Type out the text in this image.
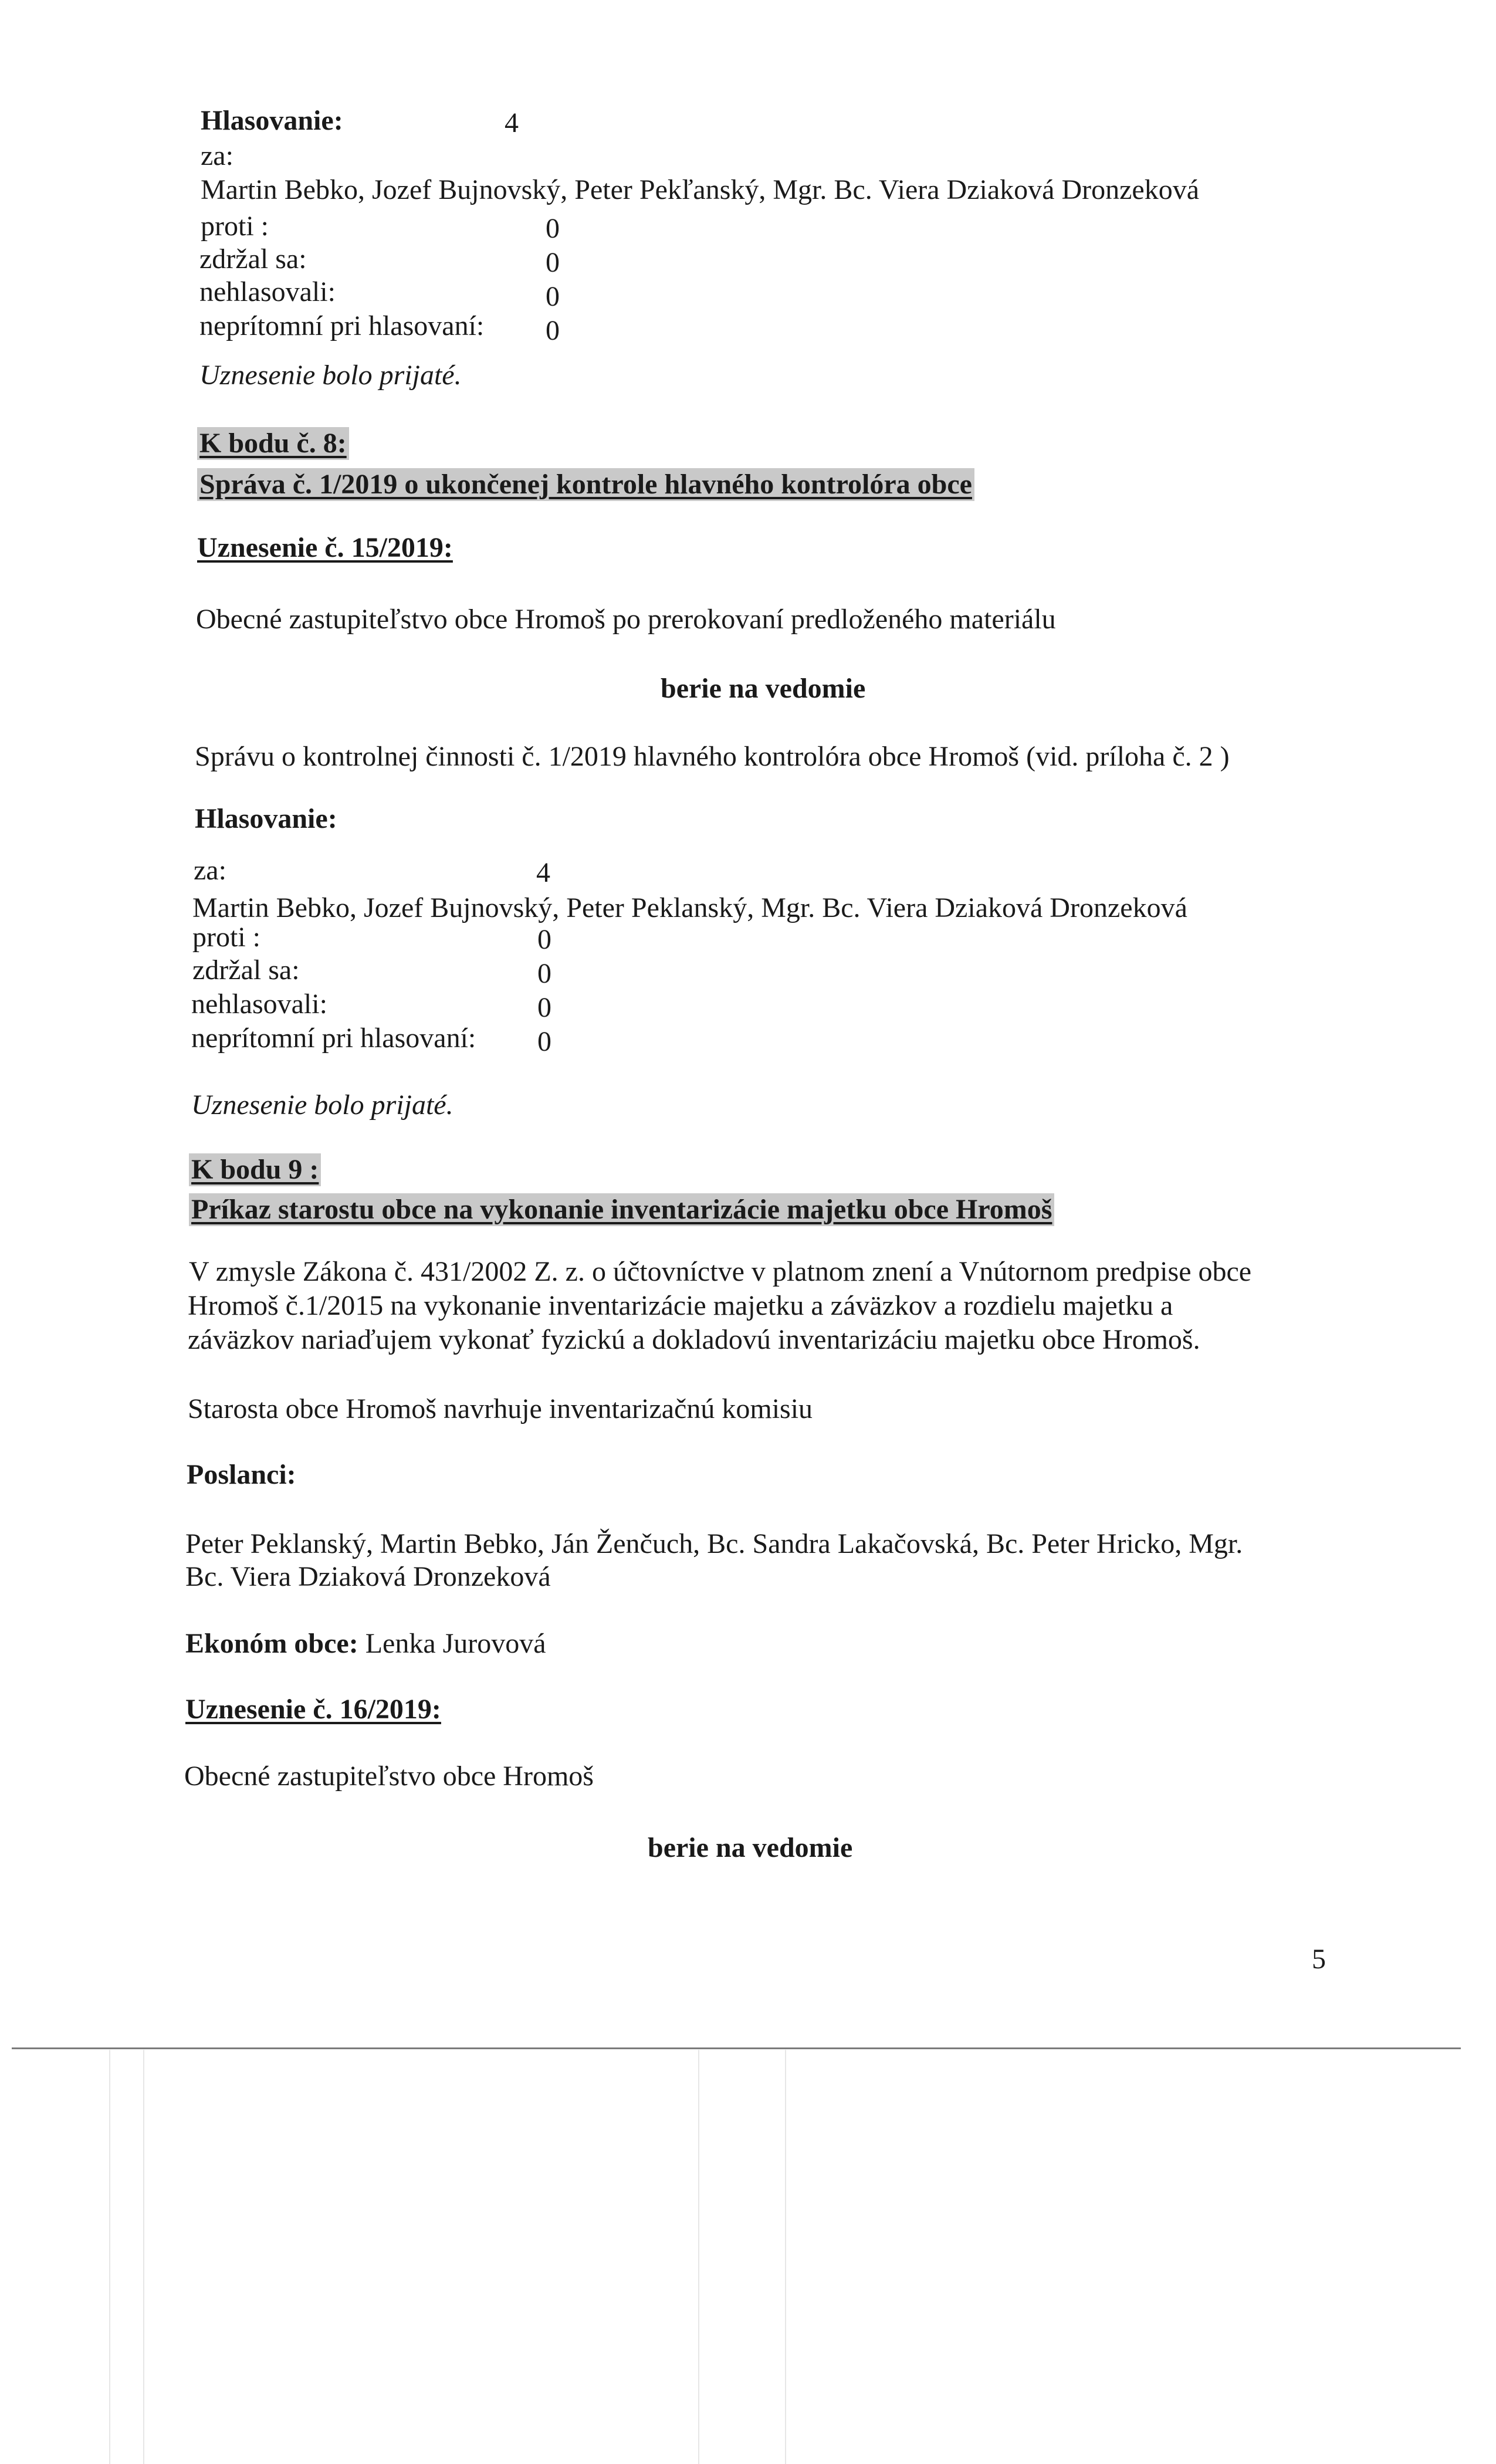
Hlasovanie:	4
za:
Martin Bebko, Jozef Bujnovský, Peter Pekľanský, Mgr. Bc. Viera Dziaková Dronzeková
proti :	0
zdržal sa:	0
nehlasovali:	0
neprítomní pri hlasovaní: 0
Uznesenie bolo prijaté.
K bodu č. 8:
Správa č. 1/2019 o ukončenej kontrole hlavného kontrolóra obce
Uznesenie č. 15/2019:
Obecné zastupiteľstvo obce Hromoš po prerokovaní predloženého materiálu
berie na vedomie
Správu o kontrolnej činnosti č. 1/2019 hlavného kontrolóra obce Hromoš (vid. príloha č. 2 )
Hlasovanie:
za:	4
Martin Bebko, Jozef Bujnovský, Peter Peklanský, Mgr. Bc. Viera Dziaková Dronzeková
proti :	0
zdržal sa:	0
nehlasovali:	0
neprítomní pri hlasovaní: 0
Uznesenie bolo prijaté.
K bodu 9 :
Príkaz starostu obce na vykonanie inventarizácie majetku obce Hromoš
V zmysle Zákona č. 431/2002 Z. z. o účtovníctve v platnom znení a Vnútornom predpise obce
Hromoš č.1/2015 na vykonanie inventarizácie majetku a záväzkov a rozdielu majetku a
záväzkov nariaďujem vykonať fyzickú a dokladovú inventarizáciu majetku obce Hromoš.
Starosta obce Hromoš navrhuje inventarizačnú komisiu
Poslanci:
Peter Peklanský, Martin Bebko, Ján Ženčuch, Bc. Sandra Lakačovská, Bc. Peter Hricko, Mgr.
Bc. Viera Dziaková Dronzeková
Ekonóm obce: Lenka Jurovová
Uznesenie č. 16/2019:
Obecné zastupiteľstvo obce Hromoš
berie na vedomie
5
